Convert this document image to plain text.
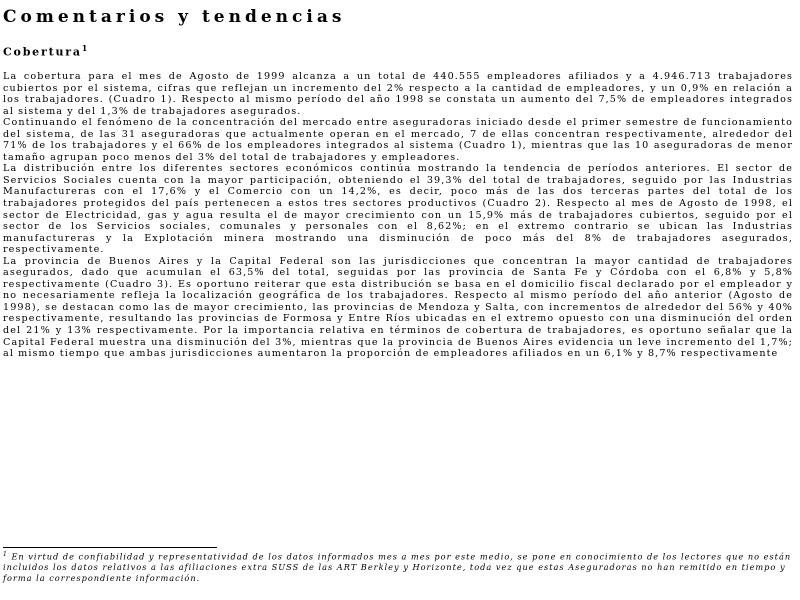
Comentarios y tendencias
Cobertura$^1$

La cobertura para el mes de Agosto de 1999 alcanza a un total de 440.555 empleadores afiliados y a 4.946.713 trabajadores cubiertos por el sistema, cifras que reflejan un incremento del 2% respecto a la cantidad de empleadores, y un 0,9% en relación a los trabajadores. (Cuadro 1). Respecto al mismo período del año 1998 se constata un aumento del 7,5% de empleadores integrados al sistema y del 1,3% de trabajadores asegurados.

Continuando el fenómeno de la concentración del mercado entre aseguradoras iniciado desde el primer semestre de funcionamiento del sistema, de las 31 aseguradoras que actualmente operan en el mercado, 7 de ellas concentran respectivamente, alrededor del 71% de los trabajadores y el 66% de los empleadores integrados al sistema (Cuadro 1), mientras que las 10 aseguradoras de menor tamaño agrupan poco menos del 3% del total de trabajadores y empleadores.

La distribución entre los diferentes sectores económicos continúa mostrando la tendencia de períodos anteriores. El sector de Servicios Sociales cuenta con la mayor participación, obteniendo el 39,3% del total de trabajadores, seguido por las Industrias Manufactureras con el 17,6% y el Comercio con un 14,2%, es decir, poco más de las dos terceras partes del total de los trabajadores protegidos del país pertenecen a estos tres sectores productivos (Cuadro 2). Respecto al mes de Agosto de 1998, el sector de Electricidad, gas y agua resulta el de mayor crecimiento con un 15,9% más de trabajadores cubiertos, seguido por el sector de los Servicios sociales, comunales y personales con el 8,62%; en el extremo contrario se ubican las Industrias manufactureras y la Explotación minera mostrando una disminución de poco más del 8% de trabajadores asegurados, respectivamente.

La provincia de Buenos Aires y la Capital Federal son las jurisdicciones que concentran la mayor cantidad de trabajadores asegurados, dado que acumulan el 63,5% del total, seguidas por las provincia de Santa Fe y Córdoba con el 6,8% y 5,8% respectivamente (Cuadro 3). Es oportuno reiterar que esta distribución se basa en el domicilio fiscal declarado por el empleador y no necesariamente refleja la localización geográfica de los trabajadores. Respecto al mismo período del año anterior (Agosto de 1998), se destacan como las de mayor crecimiento, las provincias de Mendoza y Salta, con incrementos de alrededor del 56% y 40% respectivamente, resultando las provincias de Formosa y Entre Ríos ubicadas en el extremo opuesto con una disminución del orden del 21% y 13% respectivamente. Por la importancia relativa en términos de cobertura de trabajadores, es oportuno señalar que la Capital Federal muestra una disminución del 3%, mientras que la provincia de Buenos Aires evidencia un leve incremento del 1,7%; al mismo tiempo que ambas jurisdicciones aumentaron la proporción de empleadores afiliados en un 6,1% y 8,7% respectivamente

$^1$ En virtud de confiabilidad y representatividad de los datos informados mes a mes por este medio, se pone en conocimiento de los lectores que no están incluidos los datos relativos a las afiliaciones extra SUSS de las ART Berkley y Horizonte, toda vez que estas Aseguradoras no han remitido en tiempo y forma la correspondiente información.
